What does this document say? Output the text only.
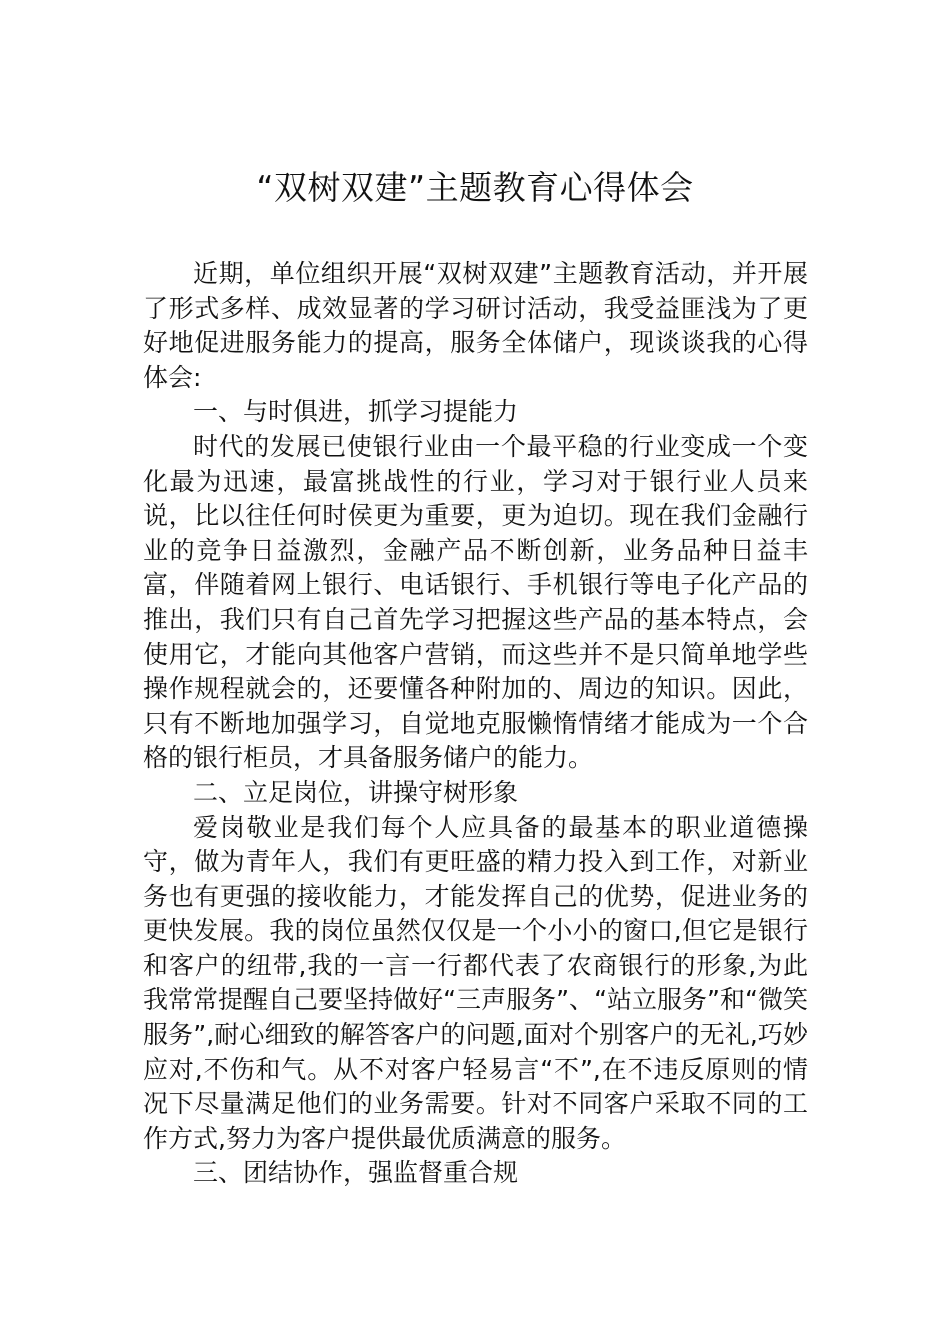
“双树双建”主题教育心得体会

近期，单位组织开展“双树双建”主题教育活动，并开展了形式多样、成效显著的学习研讨活动，我受益匪浅为了更好地促进服务能力的提高，服务全体储户，现谈谈我的心得体会:

一、与时俱进，抓学习提能力

时代的发展已使银行业由一个最平稳的行业变成一个变化最为迅速，最富挑战性的行业，学习对于银行业人员来说，比以往任何时侯更为重要，更为迫切。现在我们金融行业的竞争日益激烈，金融产品不断创新，业务品种日益丰富，伴随着网上银行、电话银行、手机银行等电子化产品的推出，我们只有自己首先学习把握这些产品的基本特点，会使用它，才能向其他客户营销，而这些并不是只简单地学些操作规程就会的，还要懂各种附加的、周边的知识。因此，只有不断地加强学习，自觉地克服懒惰情绪才能成为一个合格的银行柜员，才具备服务储户的能力。

二、立足岗位，讲操守树形象

爱岗敬业是我们每个人应具备的最基本的职业道德操守，做为青年人，我们有更旺盛的精力投入到工作，对新业务也有更强的接收能力，才能发挥自己的优势，促进业务的更快发展。我的岗位虽然仅仅是一个小小的窗口,但它是银行和客户的纽带,我的一言一行都代表了农商银行的形象,为此我常常提醒自己要坚持做好“三声服务”、“站立服务”和“微笑服务”,耐心细致的解答客户的问题,面对个别客户的无礼,巧妙应对,不伤和气。从不对客户轻易言“不”,在不违反原则的情况下尽量满足他们的业务需要。针对不同客户采取不同的工作方式,努力为客户提供最优质满意的服务。

三、团结协作，强监督重合规
